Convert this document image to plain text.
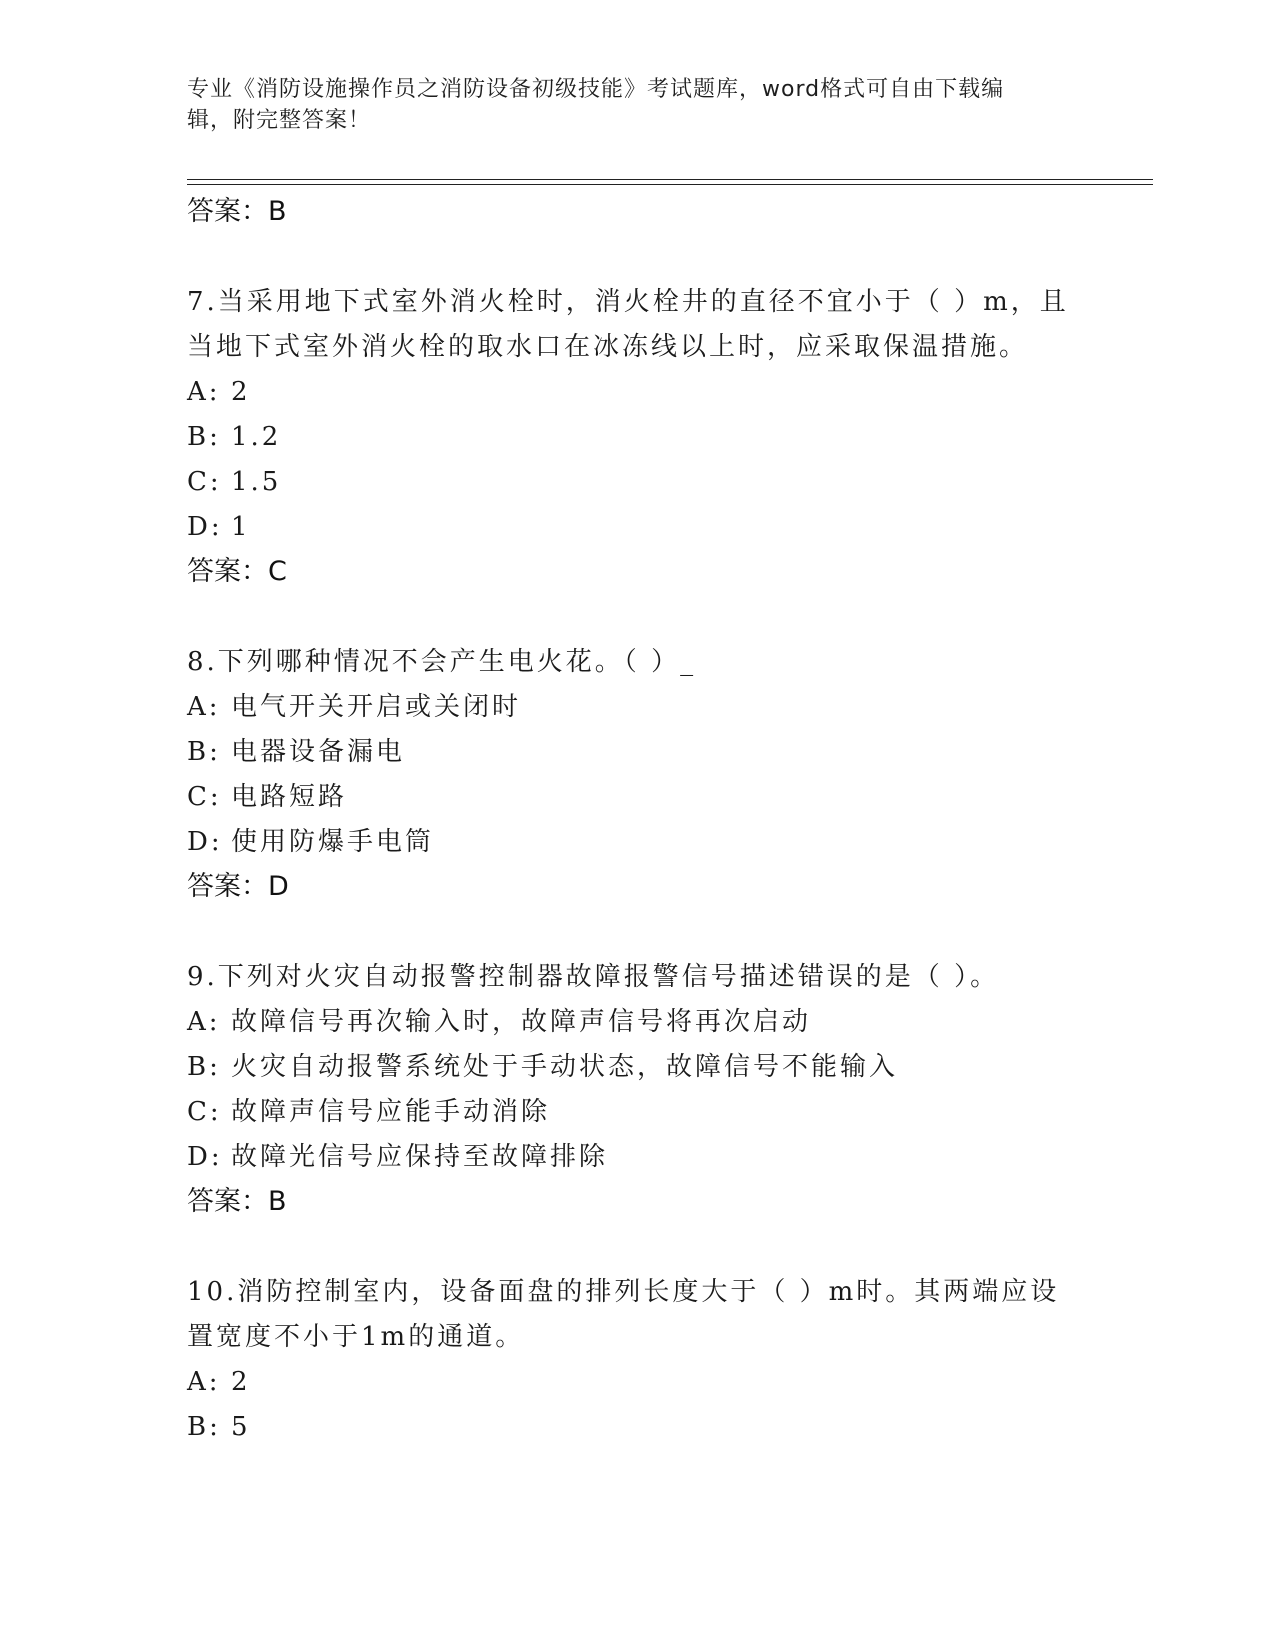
专业《消防设施操作员之消防设备初级技能》考试题库，word格式可自由下载编
辑，附完整答案！
答案：B
7.当采用地下式室外消火栓时，消火栓井的直径不宜小于（ ）m，且
当地下式室外消火栓的取水口在冰冻线以上时，应采取保温措施。
A: 2
B: 1.2
C: 1.5
D: 1
答案：C
8.下列哪种情况不会产生电火花。（ ）_
A: 电气开关开启或关闭时
B: 电器设备漏电
C: 电路短路
D: 使用防爆手电筒
答案：D
9.下列对火灾自动报警控制器故障报警信号描述错误的是（ ）。
A: 故障信号再次输入时，故障声信号将再次启动
B: 火灾自动报警系统处于手动状态，故障信号不能输入
C: 故障声信号应能手动消除
D: 故障光信号应保持至故障排除
答案：B
10.消防控制室内，设备面盘的排列长度大于（ ）m时。其两端应设
置宽度不小于1m的通道。
A: 2
B: 5
